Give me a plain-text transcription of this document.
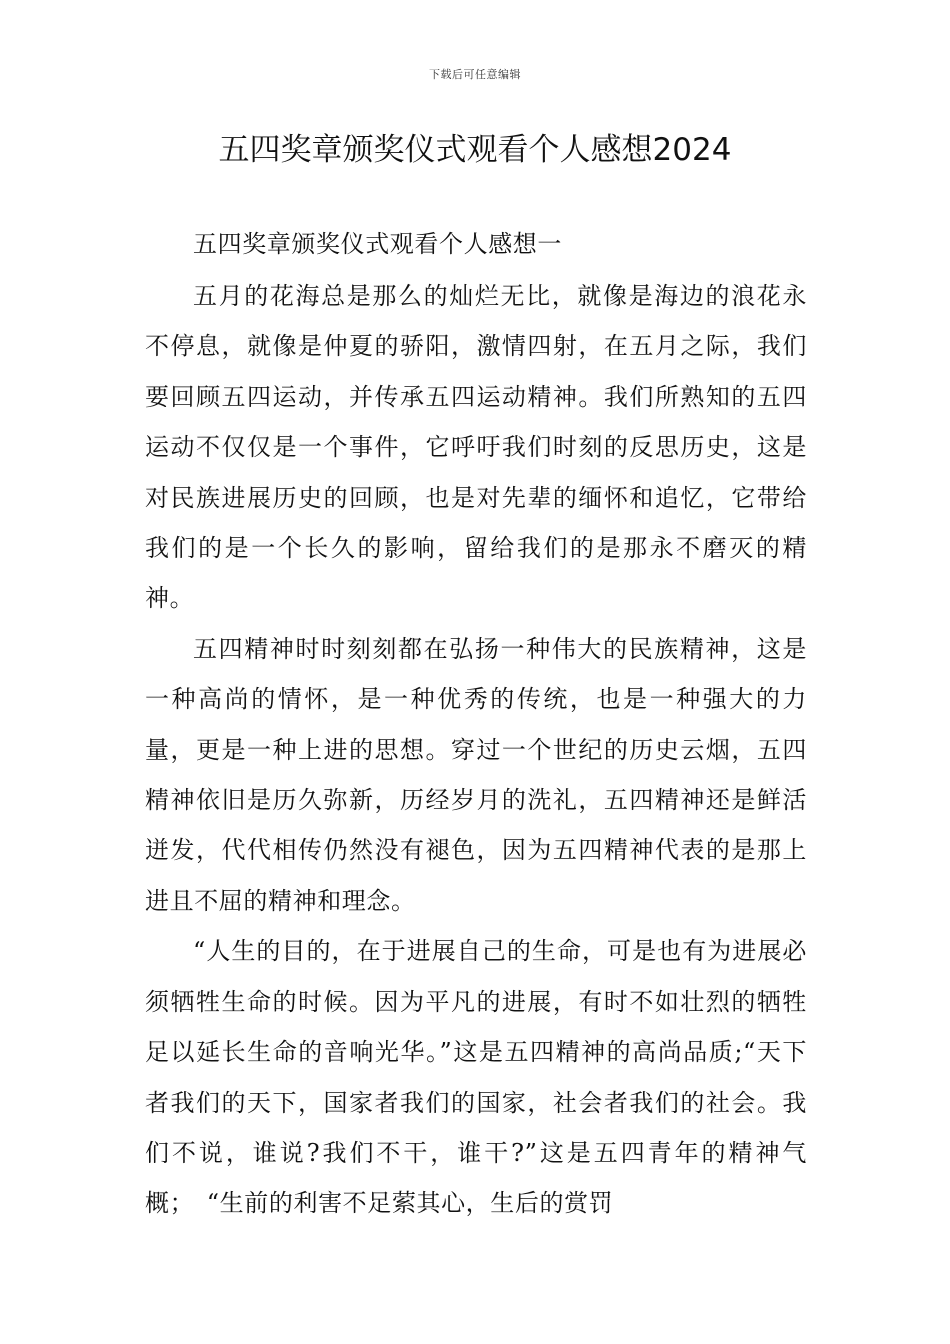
下载后可任意编辑
五四奖章颁奖仪式观看个人感想2024

五四奖章颁奖仪式观看个人感想一

五月的花海总是那么的灿烂无比，就像是海边的浪花永不停息，就像是仲夏的骄阳，激情四射，在五月之际，我们要回顾五四运动，并传承五四运动精神。我们所熟知的五四运动不仅仅是一个事件，它呼吁我们时刻的反思历史，这是对民族进展历史的回顾，也是对先辈的缅怀和追忆，它带给我们的是一个长久的影响，留给我们的是那永不磨灭的精神。

五四精神时时刻刻都在弘扬一种伟大的民族精神，这是一种高尚的情怀，是一种优秀的传统，也是一种强大的力量，更是一种上进的思想。穿过一个世纪的历史云烟，五四精神依旧是历久弥新，历经岁月的洗礼，五四精神还是鲜活迸发，代代相传仍然没有褪色，因为五四精神代表的是那上进且不屈的精神和理念。

“人生的目的，在于进展自己的生命，可是也有为进展必须牺牲生命的时候。因为平凡的进展，有时不如壮烈的牺牲足以延长生命的音响光华。”这是五四精神的高尚品质;“天下者我们的天下，国家者我们的国家，社会者我们的社会。我们不说，谁说?我们不干，谁干?”这是五四青年的精神气概；　“生前的利害不足萦其心，生后的赏罚
